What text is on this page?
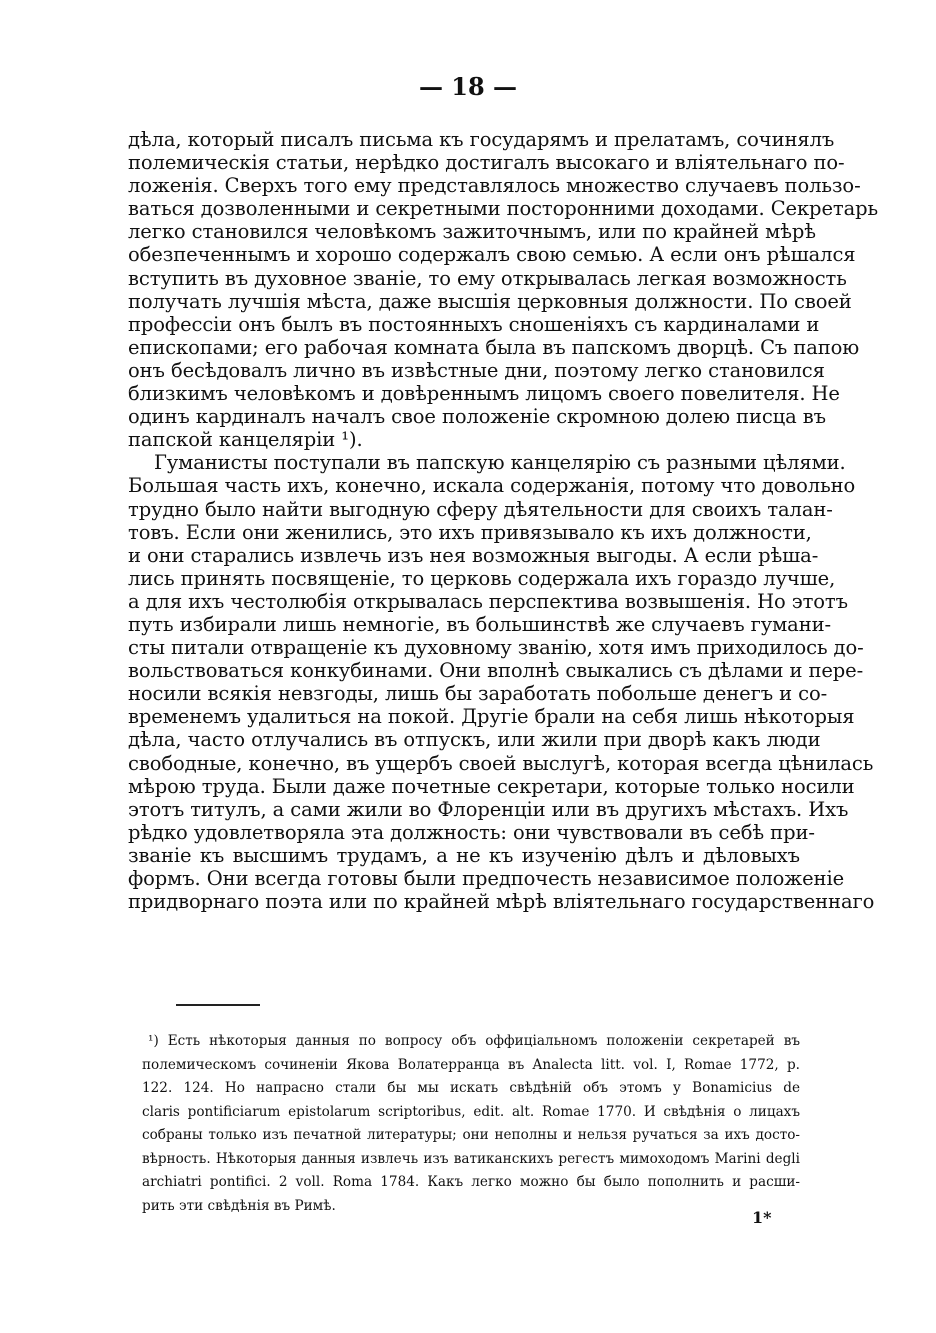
— 18 —
дѣла, который писалъ письма къ государямъ и прелатамъ, сочинялъ
полемическія статьи, нерѣдко достигалъ высокаго и вліятельнаго по-
ложенія. Сверхъ того ему представлялось множество случаевъ пользо-
ваться дозволенными и секретными посторонними доходами. Секретарь
легко становился человѣкомъ зажиточнымъ, или по крайней мѣрѣ
обезпеченнымъ и хорошо содержалъ свою семью. А если онъ рѣшался
вступить въ духовное званіе, то ему открывалась легкая возможность
получать лучшія мѣста, даже высшія церковныя должности. По своей
профессіи онъ былъ въ постоянныхъ сношеніяхъ съ кардиналами и
епископами; его рабочая комната была въ папскомъ дворцѣ. Съ папою
онъ бесѣдовалъ лично въ извѣстные дни, поэтому легко становился
близкимъ человѣкомъ и довѣреннымъ лицомъ своего повелителя. Не
одинъ кардиналъ началъ свое положеніе скромною долею писца въ
папской канцеляріи ¹).
Гуманисты поступали въ папскую канцелярію съ разными цѣлями.
Большая часть ихъ, конечно, искала содержанія, потому что довольно
трудно было найти выгодную сферу дѣятельности для своихъ талан-
товъ. Если они женились, это ихъ привязывало къ ихъ должности,
и они старались извлечь изъ нея возможныя выгоды. А если рѣша-
лись принять посвященіе, то церковь содержала ихъ гораздо лучше,
а для ихъ честолюбія открывалась перспектива возвышенія. Но этотъ
путь избирали лишь немногіе, въ большинствѣ же случаевъ гумани-
сты питали отвращеніе къ духовному званію, хотя имъ приходилось до-
вольствоваться конкубинами. Они вполнѣ свыкались съ дѣлами и пере-
носили всякія невзгоды, лишь бы заработать побольше денегъ и со-
временемъ удалиться на покой. Другіе брали на себя лишь нѣкоторыя
дѣла, часто отлучались въ отпускъ, или жили при дворѣ какъ люди
свободные, конечно, въ ущербъ своей выслугѣ, которая всегда цѣнилась
мѣрою труда. Были даже почетные секретари, которые только носили
этотъ титулъ, а сами жили во Флоренціи или въ другихъ мѣстахъ. Ихъ
рѣдко удовлетворяла эта должность: они чувствовали въ себѣ при-
званіе къ высшимъ трудамъ, а не къ изученію дѣлъ и дѣловыхъ
формъ. Они всегда готовы были предпочесть независимое положеніе
придворнаго поэта или по крайней мѣрѣ вліятельнаго государственнаго
¹) Есть нѣкоторыя данныя по вопросу объ оффиціальномъ положеніи секретарей въ
полемическомъ сочиненіи Якова Волатерранца въ Analecta litt. vol. I, Romae 1772, p.
122. 124. Но напрасно стали бы мы искать свѣдѣній объ этомъ у Bonamicius de
claris pontificiarum epistolarum scriptoribus, edit. alt. Romae 1770. И свѣдѣнія о лицахъ
собраны только изъ печатной литературы; они неполны и нельзя ручаться за ихъ досто-
вѣрность. Нѣкоторыя данныя извлечь изъ ватиканскихъ регестъ мимоходомъ Marini degli
archiatri pontifici. 2 voll. Roma 1784. Какъ легко можно бы было пополнить и расши-
рить эти свѣдѣнія въ Римѣ.
1*
